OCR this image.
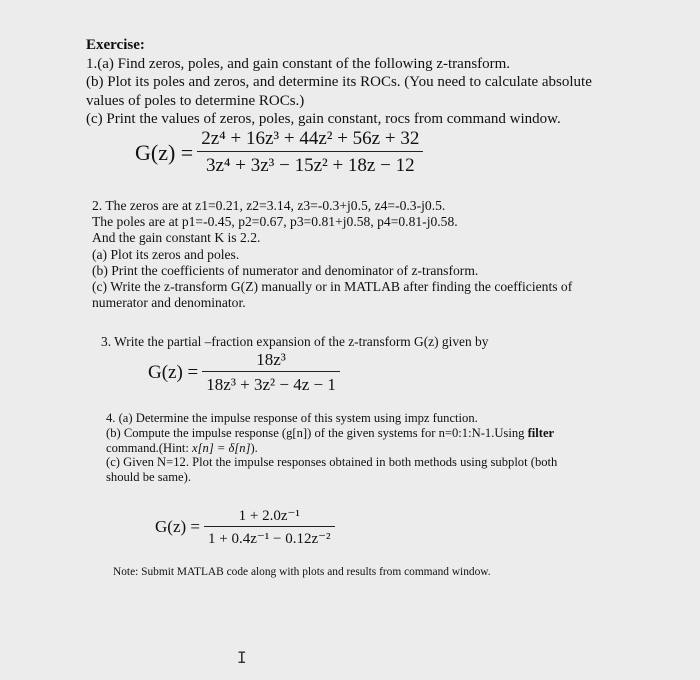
Exercise:
1.(a) Find zeros, poles, and gain constant of the following z-transform.
(b) Plot its poles and zeros, and determine its ROCs. (You need to calculate absolute
values of poles to determine ROCs.)
(c) Print the values of zeros, poles, gain constant, rocs from command window.
$G(z) = \frac{\text{2z⁴ + 16z³ + 44z² + 56z + 32}}{\text{3z⁴ + 3z³ − 15z² + 18z − 12}}$
2. The zeros are at z1=0.21, z2=3.14, z3=-0.3+j0.5, z4=-0.3-j0.5.
The poles are at p1=-0.45, p2=0.67, p3=0.81+j0.58, p4=0.81-j0.58.
And the gain constant K is 2.2.
(a) Plot its zeros and poles.
(b) Print the coefficients of numerator and denominator of z-transform.
(c) Write the z-transform G(Z) manually or in MATLAB after finding the coefficients of
numerator and denominator.
3. Write the partial –fraction expansion of the z-transform G(z) given by
$G(z) = \frac{\text{18z³}}{\text{18z³ + 3z² − 4z − 1}}$
4. (a) Determine the impulse response of this system using impz function.
(b) Compute the impulse response (g[n]) of the given systems for n=0:1:N-1.Using filter
command.(Hint: x[n] = δ[n]).
(c) Given N=12. Plot the impulse responses obtained in both methods using subplot (both
should be same).
$G(z) = \frac{\text{1 + 2.0z⁻¹}}{\text{1 + 0.4z⁻¹ − 0.12z⁻²}}$
Note: Submit MATLAB code along with plots and results from command window.
I
